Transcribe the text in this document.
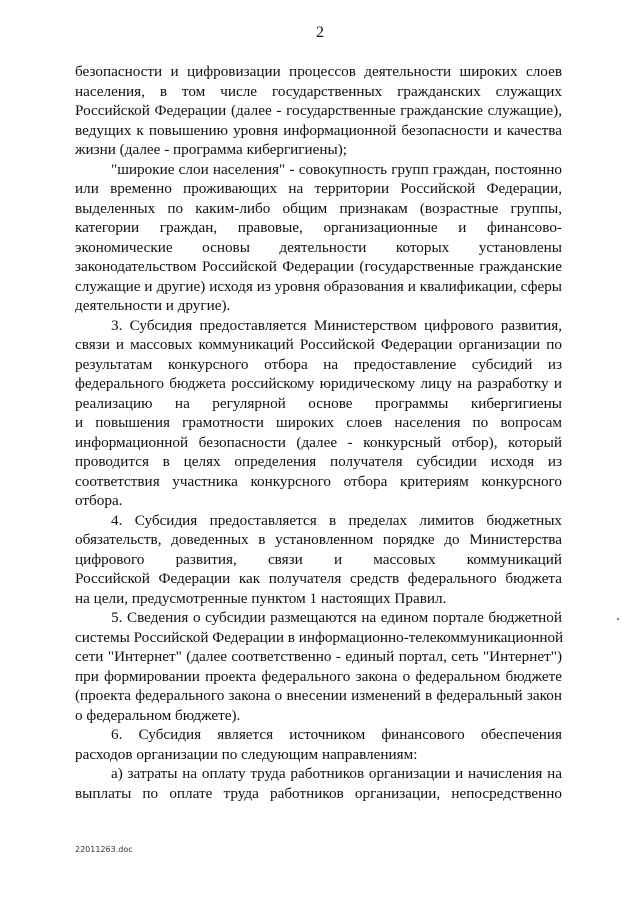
2
безопасности и цифровизации процессов деятельности широких слоев
населения, в том числе государственных гражданских служащих
Российской Федерации (далее - государственные гражданские служащие),
ведущих к повышению уровня информационной безопасности и качества
жизни (далее - программа кибергигиены);
"широкие слои населения" - совокупность групп граждан, постоянно
или временно проживающих на территории Российской Федерации,
выделенных по каким-либо общим признакам (возрастные группы,
категории граждан, правовые, организационные и финансово-
экономические основы деятельности которых установлены
законодательством Российской Федерации (государственные гражданские
служащие и другие) исходя из уровня образования и квалификации, сферы
деятельности и другие).
3. Субсидия предоставляется Министерством цифрового развития,
связи и массовых коммуникаций Российской Федерации организации по
результатам конкурсного отбора на предоставление субсидий из
федерального бюджета российскому юридическому лицу на разработку и
реализацию на регулярной основе программы кибергигиены
и повышения грамотности широких слоев населения по вопросам
информационной безопасности (далее - конкурсный отбор), который
проводится в целях определения получателя субсидии исходя из
соответствия участника конкурсного отбора критериям конкурсного
отбора.
4. Субсидия предоставляется в пределах лимитов бюджетных
обязательств, доведенных в установленном порядке до Министерства
цифрового развития, связи и массовых коммуникаций
Российской Федерации как получателя средств федерального бюджета
на цели, предусмотренные пунктом 1 настоящих Правил.
5. Сведения о субсидии размещаются на едином портале бюджетной
системы Российской Федерации в информационно-телекоммуникационной
сети "Интернет" (далее соответственно - единый портал, сеть "Интернет")
при формировании проекта федерального закона о федеральном бюджете
(проекта федерального закона о внесении изменений в федеральный закон
о федеральном бюджете).
6. Субсидия является источником финансового обеспечения
расходов организации по следующим направлениям:
а) затраты на оплату труда работников организации и начисления на
выплаты по оплате труда работников организации, непосредственно
22011263.doc
